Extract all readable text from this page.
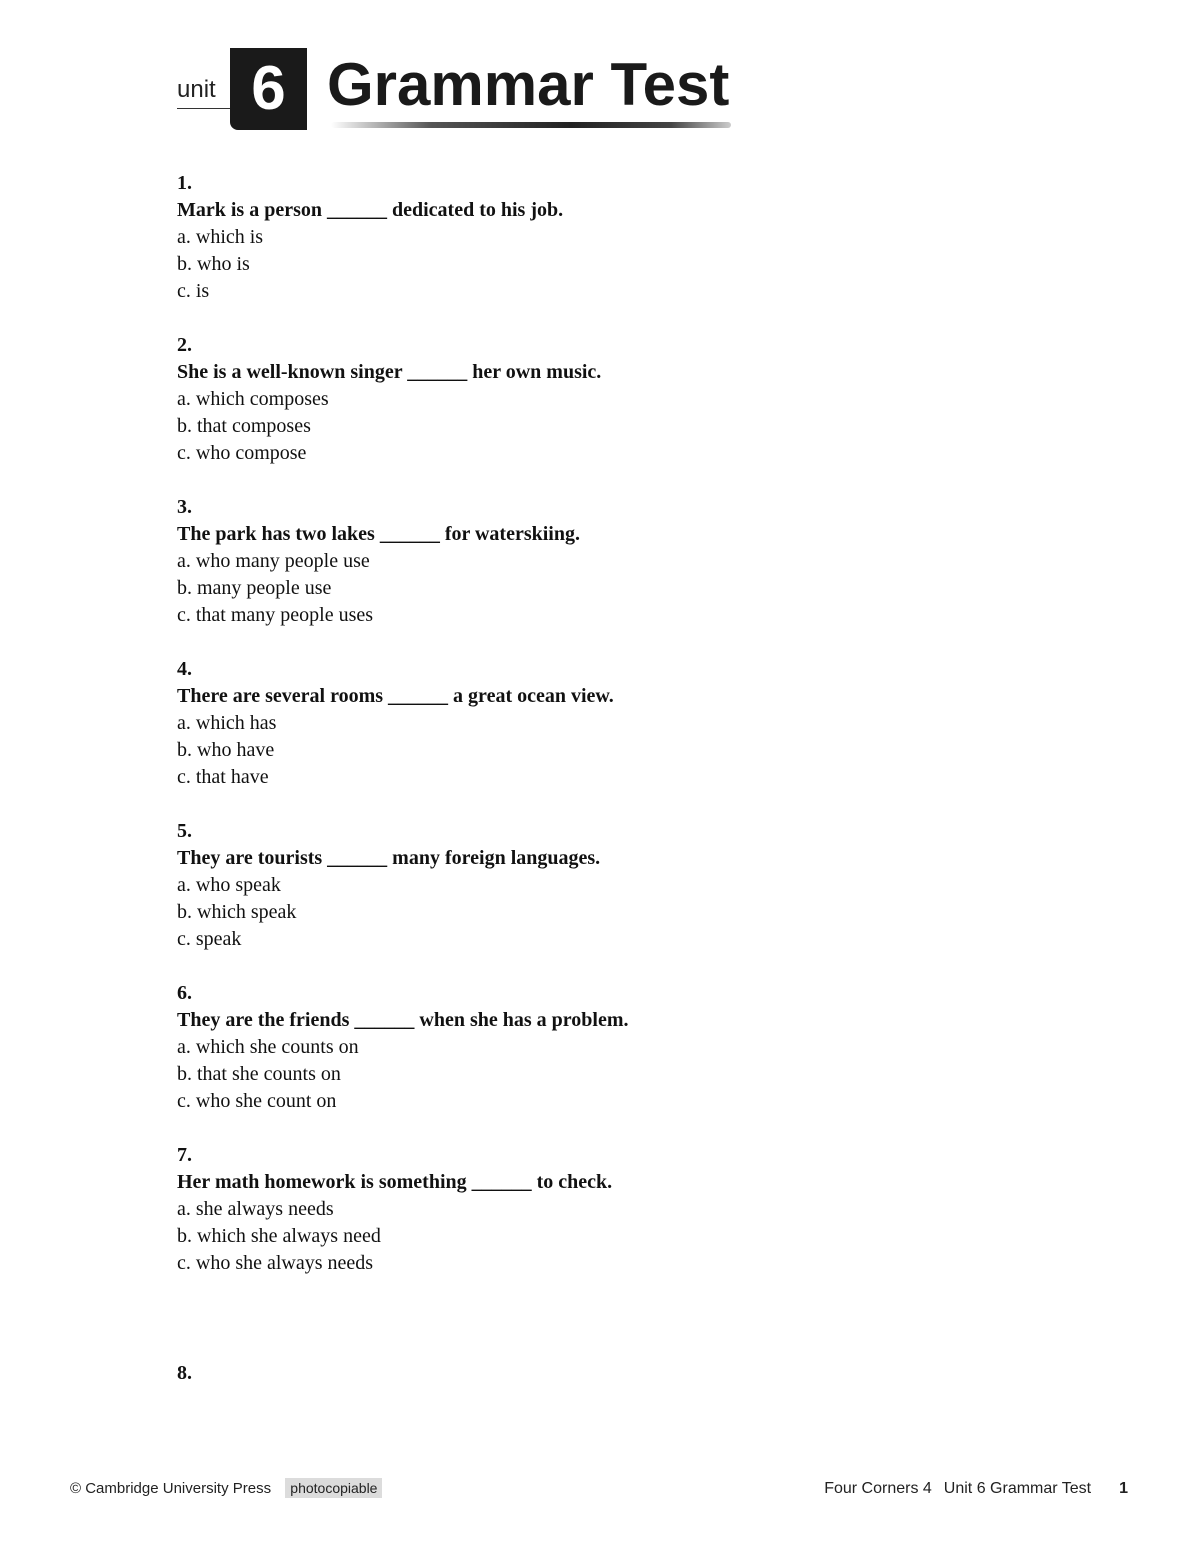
unit 6 Grammar Test
1.
Mark is a person ______ dedicated to his job.
a. which is
b. who is
c. is
2.
She is a well-known singer ______ her own music.
a. which composes
b. that composes
c. who compose
3.
The park has two lakes ______ for waterskiing.
a. who many people use
b. many people use
c. that many people uses
4.
There are several rooms ______ a great ocean view.
a. which has
b. who have
c. that have
5.
They are tourists ______ many foreign languages.
a. who speak
b. which speak
c. speak
6.
They are the friends ______ when she has a problem.
a. which she counts on
b. that she counts on
c. who she count on
7.
Her math homework is something ______ to check.
a. she always needs
b. which she always need
c. who she always needs
8.
© Cambridge University Press photocopiable	Four Corners 4 Unit 6 Grammar Test 1
